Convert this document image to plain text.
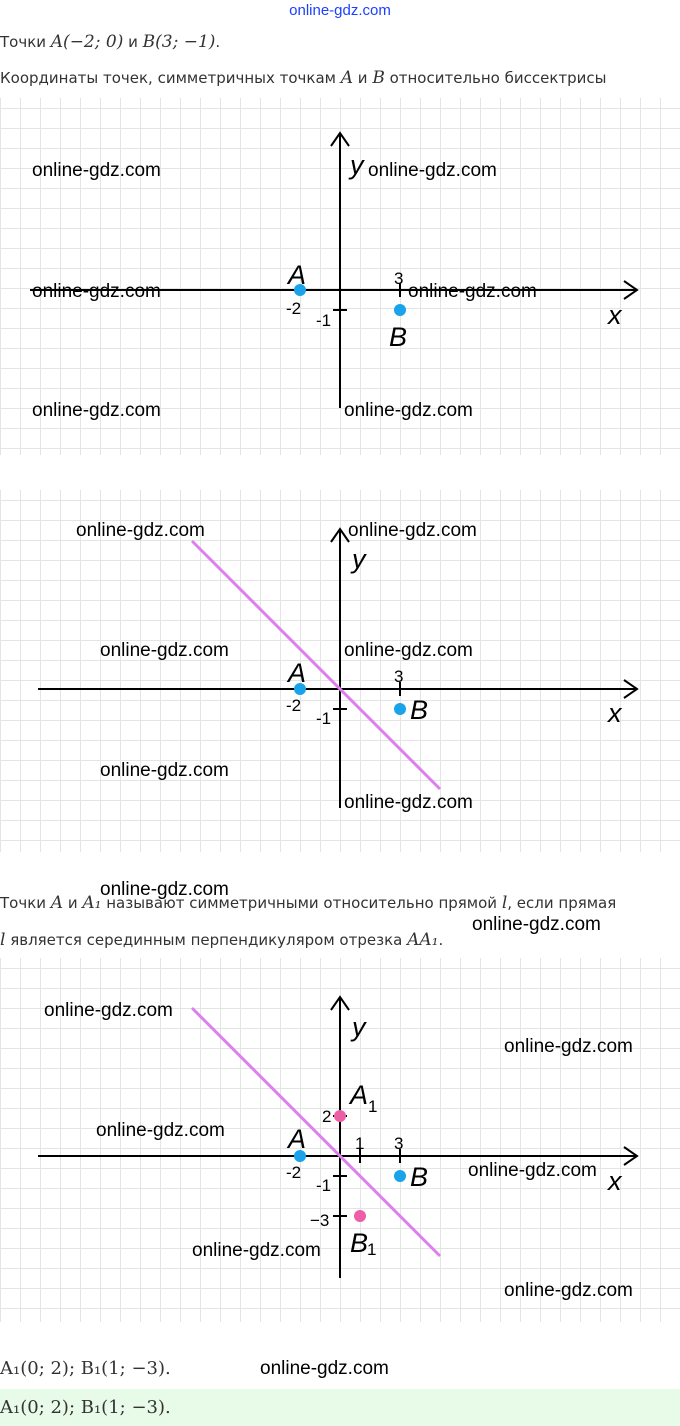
online-gdz.com
Точки A(−2; 0) и B(3; −1).
Координаты точек, симметричных точкам A и B относительно биссектрисы
A
B
y
x
-2
3
-1
online-gdz.com	online-gdz.com
online-gdz.com	online-gdz.com
online-gdz.com	online-gdz.com
A
B
y
x
-2
3
-1
online-gdz.com	online-gdz.com
online-gdz.com	online-gdz.com
online-gdz.com
online-gdz.com
Точки A и A₁ называют симметричными относительно прямой l, если прямая
l является серединным перпендикуляром отрезка AA₁.
online-gdz.com
online-gdz.com
A
B
A 1
B
1
y
x
-2
1 3
2
-1
−3
online-gdz.com
online-gdz.com
online-gdz.com
online-gdz.com
online-gdz.com
online-gdz.com
A₁(0; 2); B₁(1; −3).	online-gdz.com
A₁(0; 2); B₁(1; −3).
